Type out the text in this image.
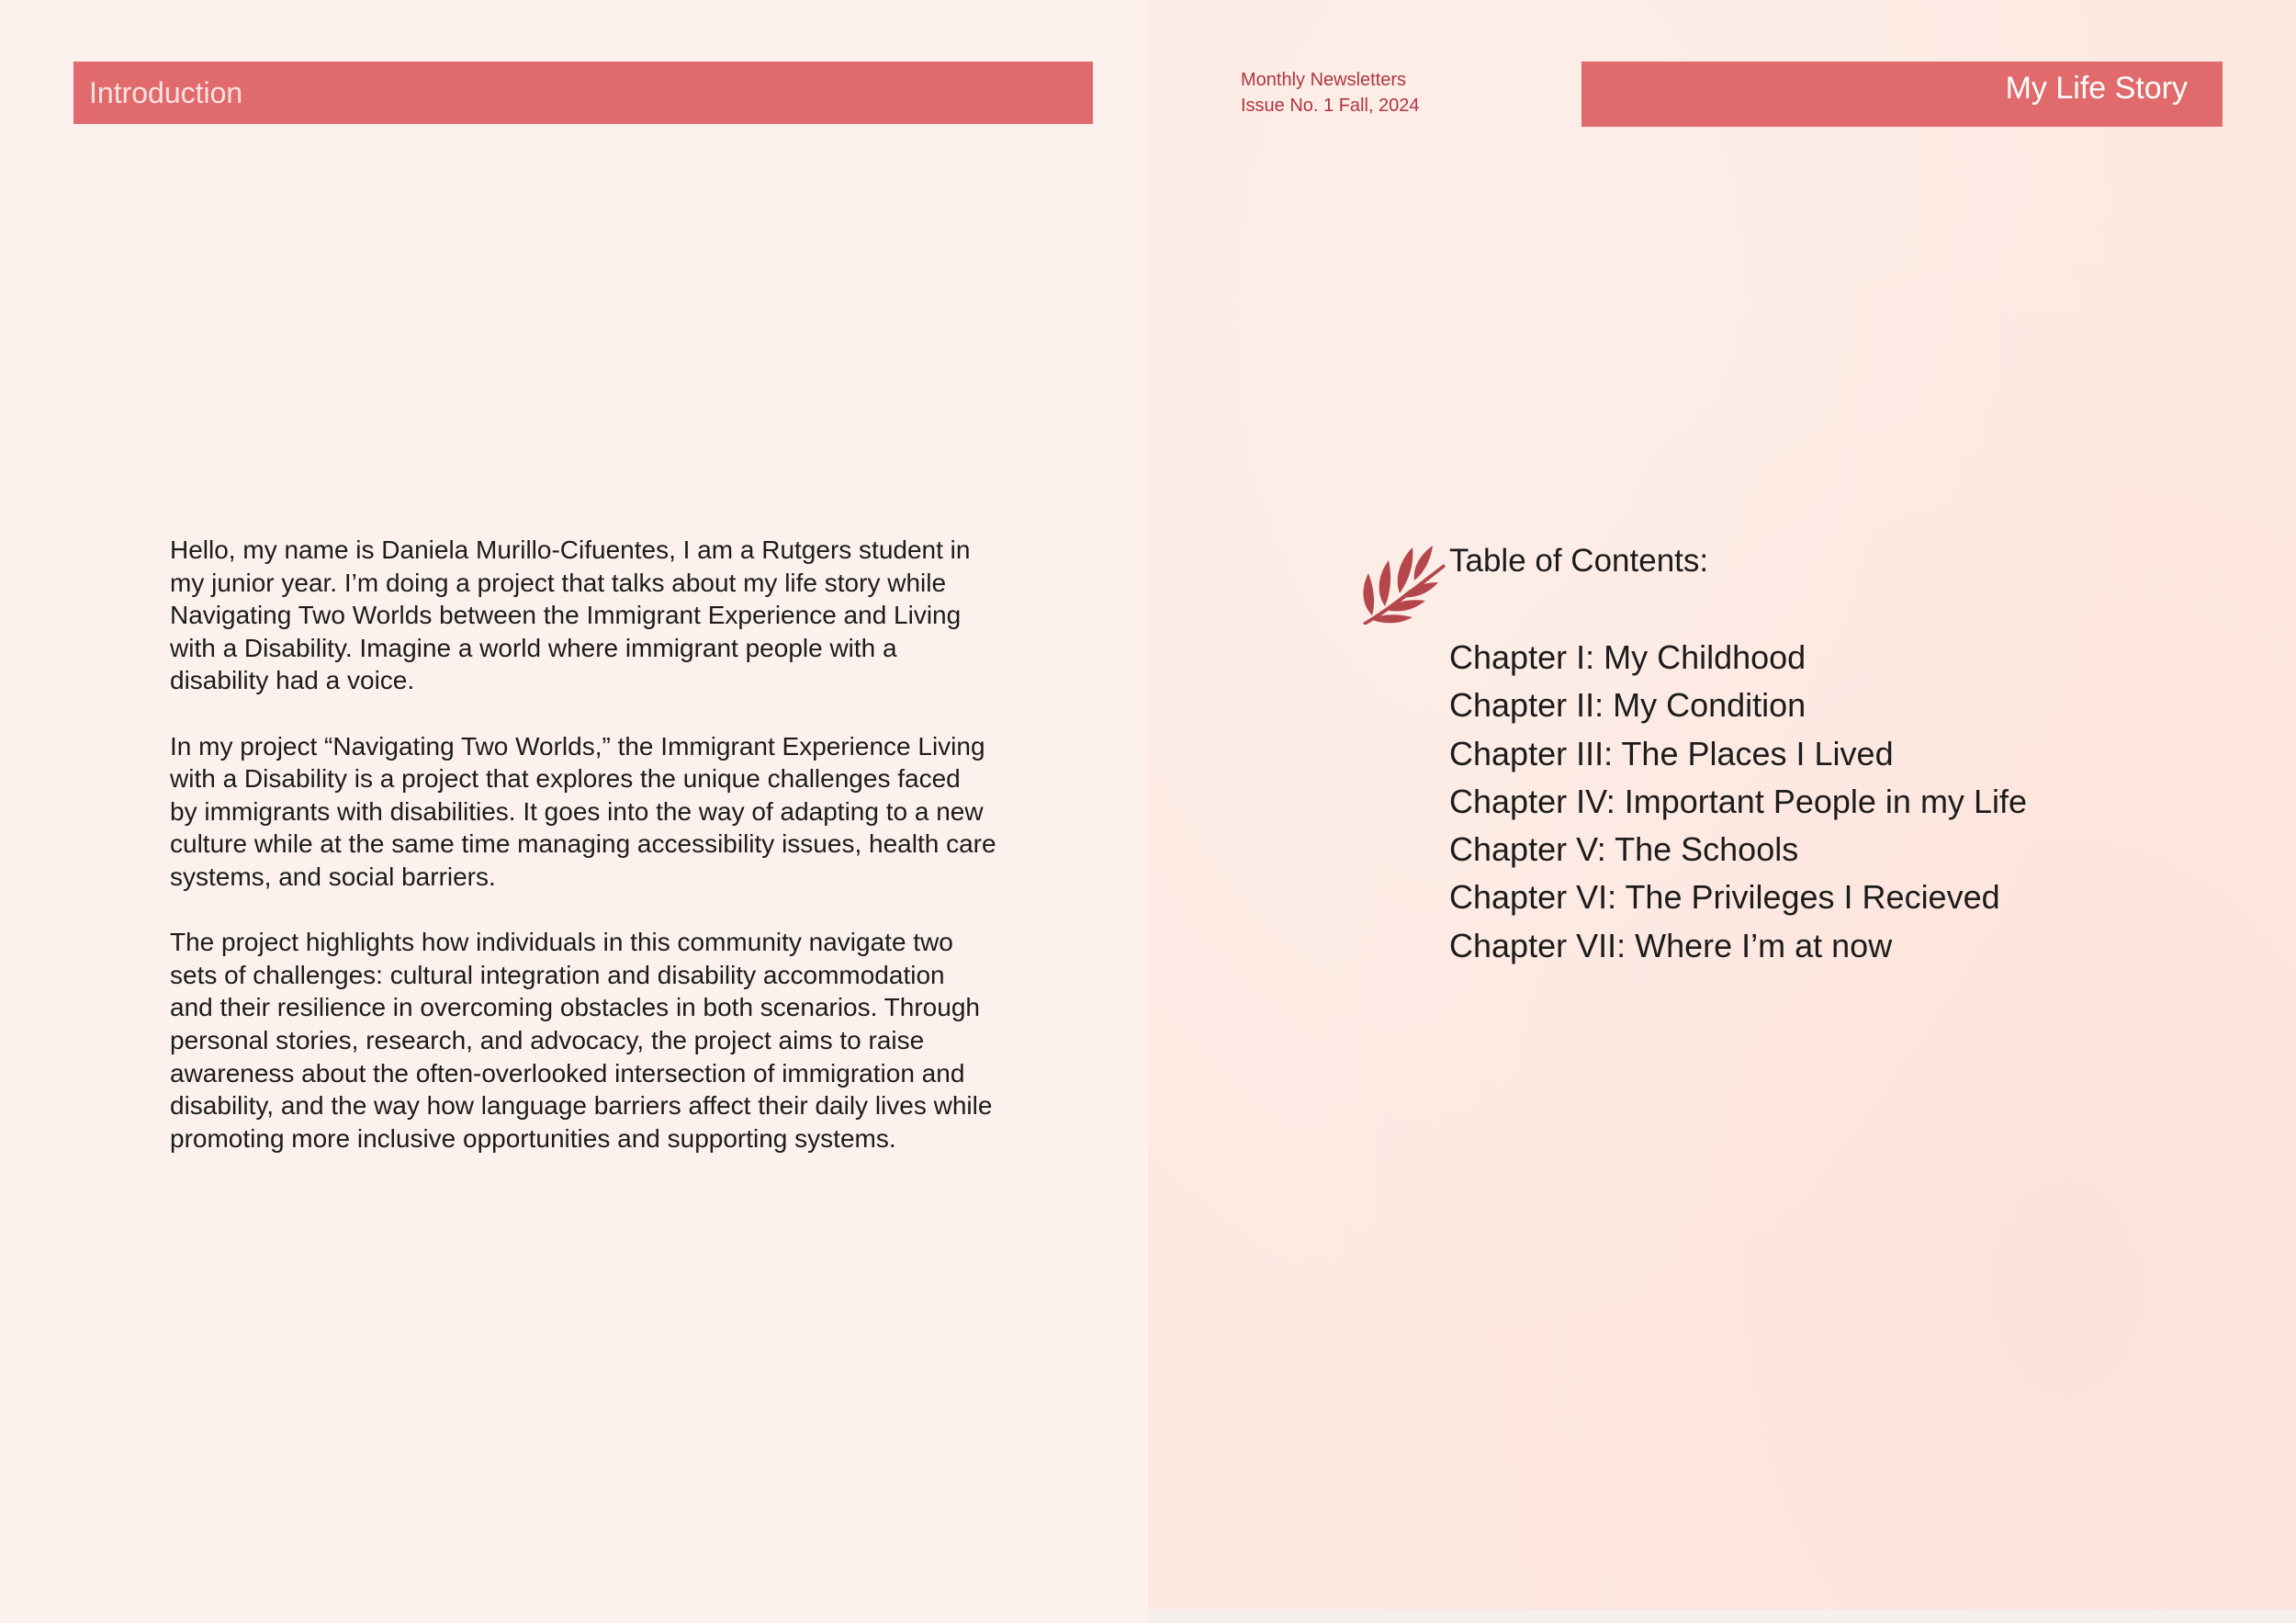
Introduction

Hello, my name is Daniela Murillo-Cifuentes, I am a Rutgers student in
my junior year. I’m doing a project that talks about my life story while
Navigating Two Worlds between the Immigrant Experience and Living
with a Disability. Imagine a world where immigrant people with a
disability had a voice.

In my project “Navigating Two Worlds,” the Immigrant Experience Living
with a Disability is a project that explores the unique challenges faced
by immigrants with disabilities. It goes into the way of adapting to a new
culture while at the same time managing accessibility issues, health care
systems, and social barriers.

The project highlights how individuals in this community navigate two
sets of challenges: cultural integration and disability accommodation
and their resilience in overcoming obstacles in both scenarios. Through
personal stories, research, and advocacy, the project aims to raise
awareness about the often-overlooked intersection of immigration and
disability, and the way how language barriers affect their daily lives while
promoting more inclusive opportunities and supporting systems.

Monthly Newsletters
Issue No. 1 Fall, 2024	My Life Story
Table of Contents:
Chapter I: My Childhood
Chapter II: My Condition
Chapter III: The Places I Lived
Chapter IV: Important People in my Life
Chapter V: The Schools
Chapter VI: The Privileges I Recieved
Chapter VII: Where I’m at now
